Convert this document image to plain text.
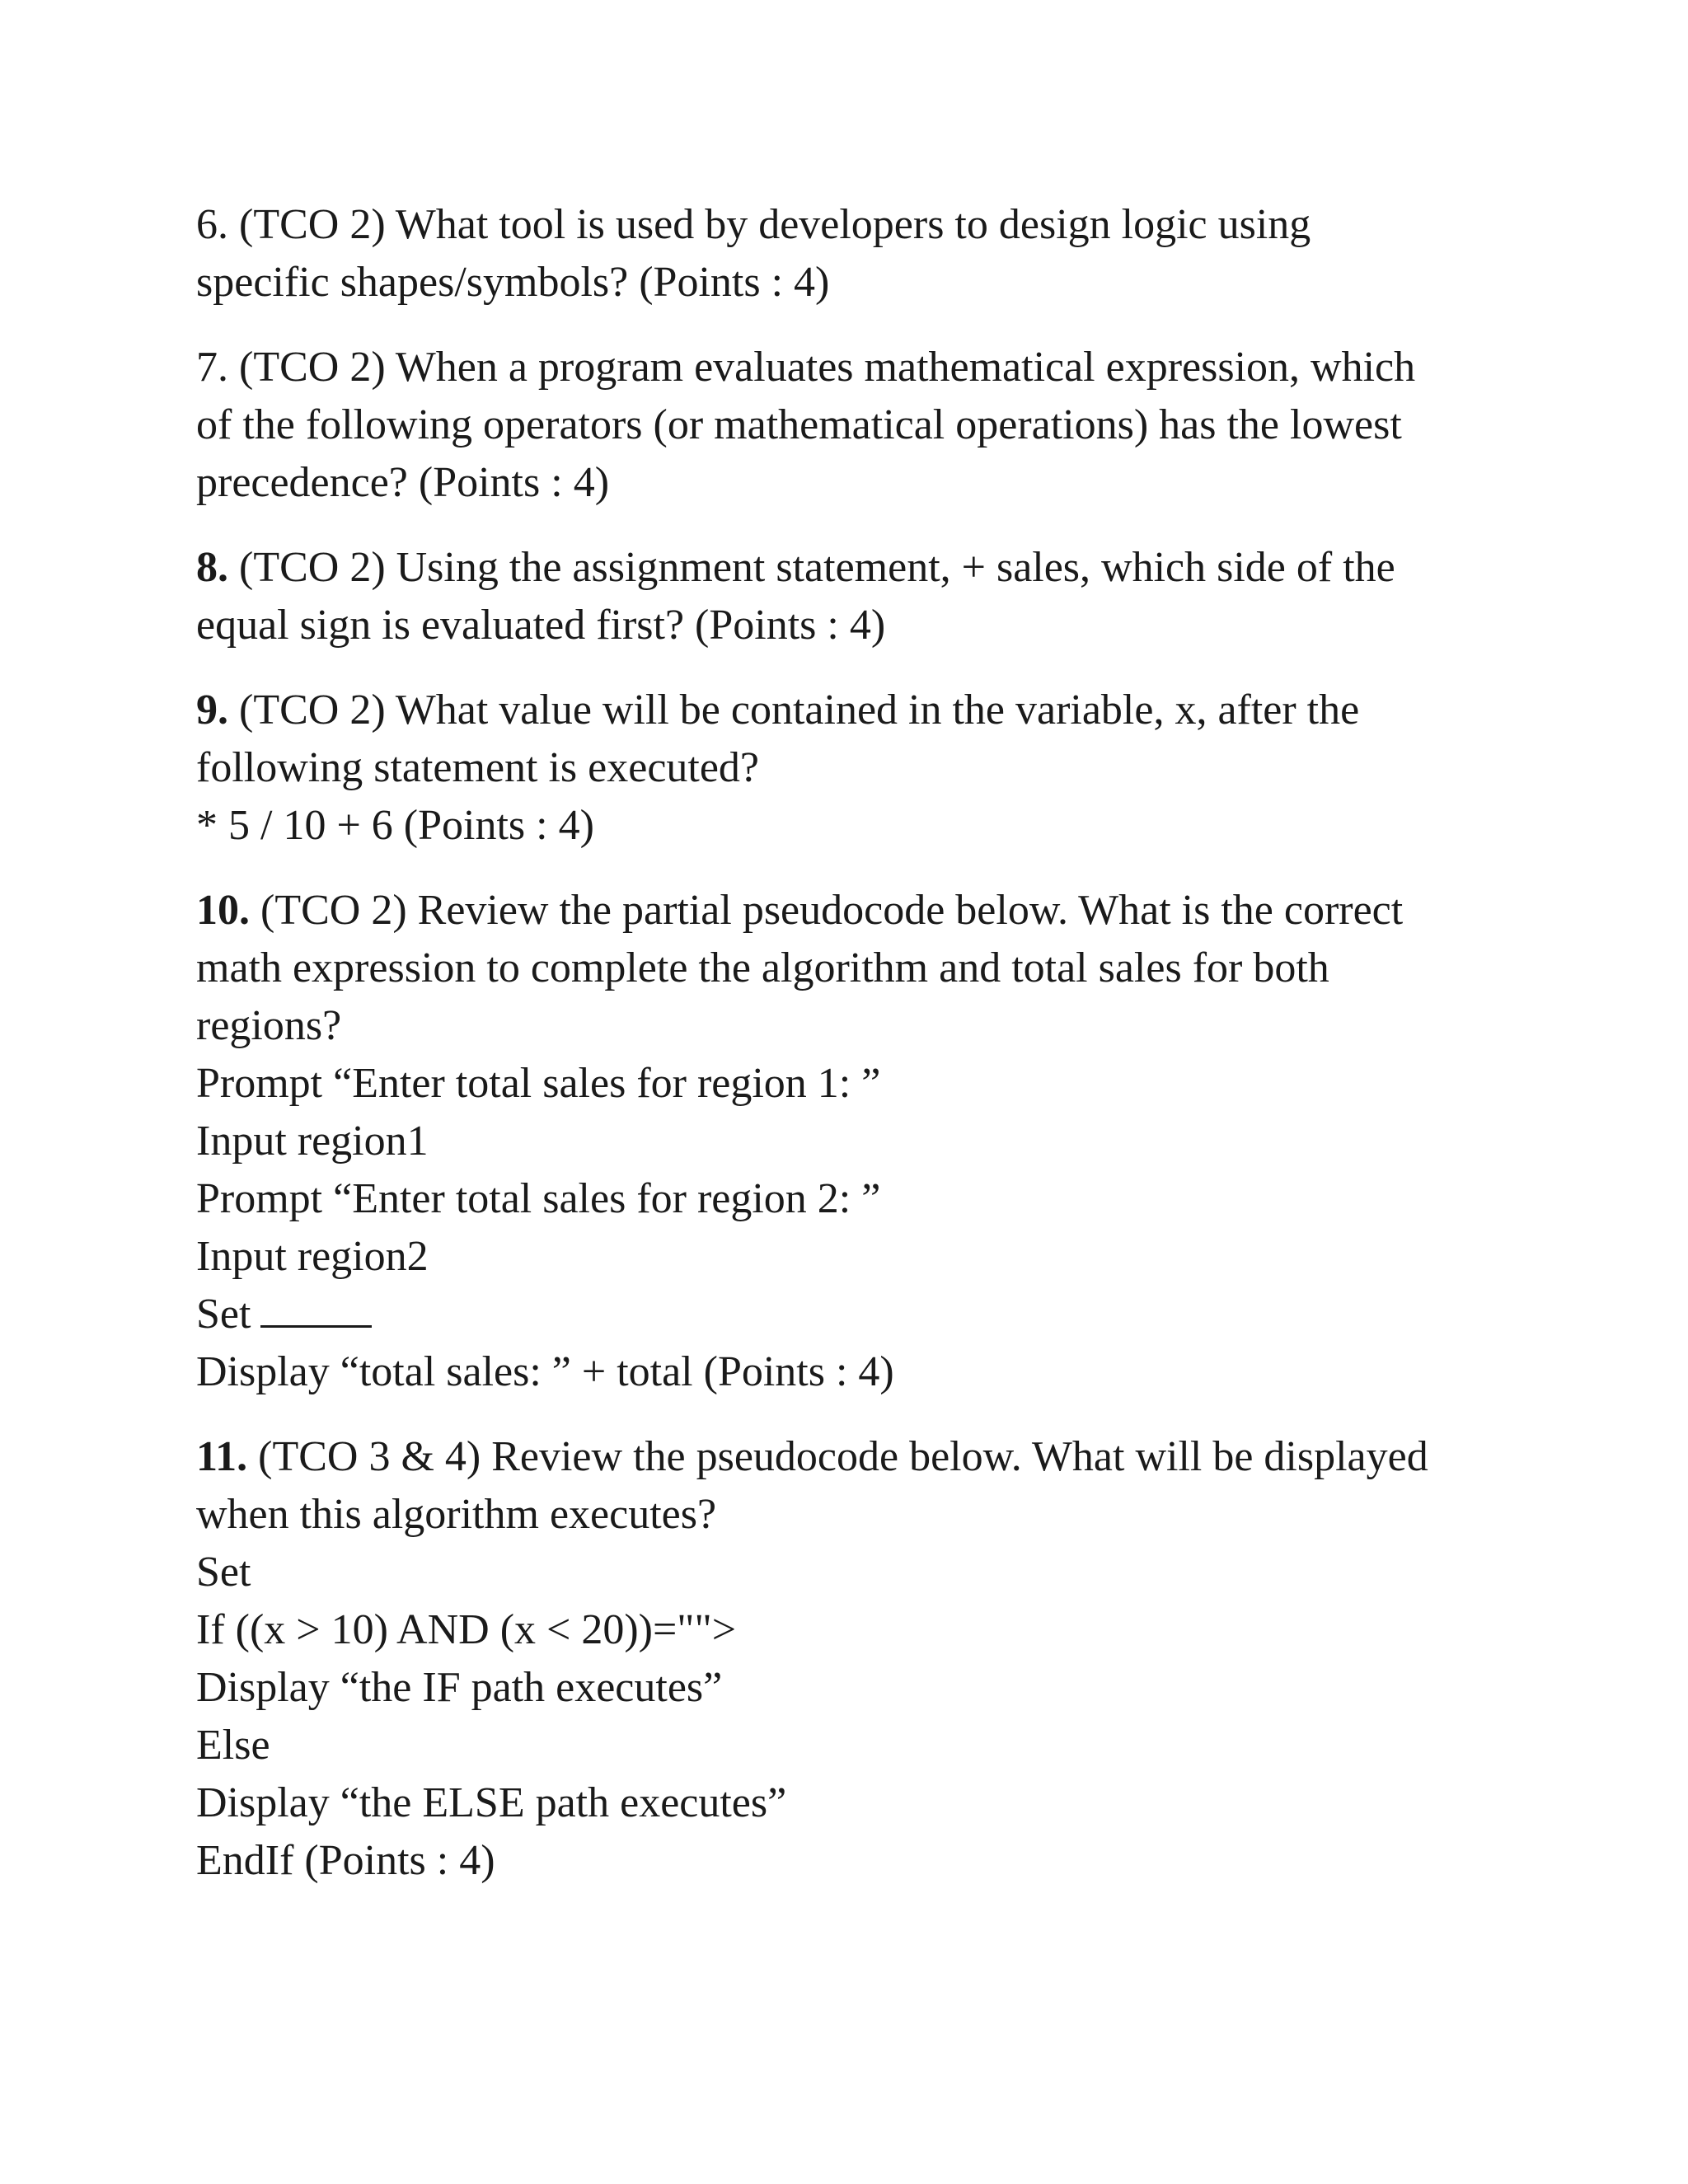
6. (TCO 2) What tool is used by developers to design logic using
specific shapes/symbols? (Points : 4)
7. (TCO 2) When a program evaluates mathematical expression, which
of the following operators (or mathematical operations) has the lowest
precedence? (Points : 4)
8. (TCO 2) Using the assignment statement, + sales, which side of the
equal sign is evaluated first? (Points : 4)
9. (TCO 2) What value will be contained in the variable, x, after the
following statement is executed?
* 5 / 10 + 6 (Points : 4)
10. (TCO 2) Review the partial pseudocode below. What is the correct
math expression to complete the algorithm and total sales for both
regions?
Prompt “Enter total sales for region 1: ”
Input region1
Prompt “Enter total sales for region 2: ”
Input region2
Set
Display “total sales: ” + total (Points : 4)
11. (TCO 3 & 4) Review the pseudocode below. What will be displayed
when this algorithm executes?
Set
If ((x > 10) AND (x < 20))="">
Display “the IF path executes”
Else
Display “the ELSE path executes”
EndIf (Points : 4)
